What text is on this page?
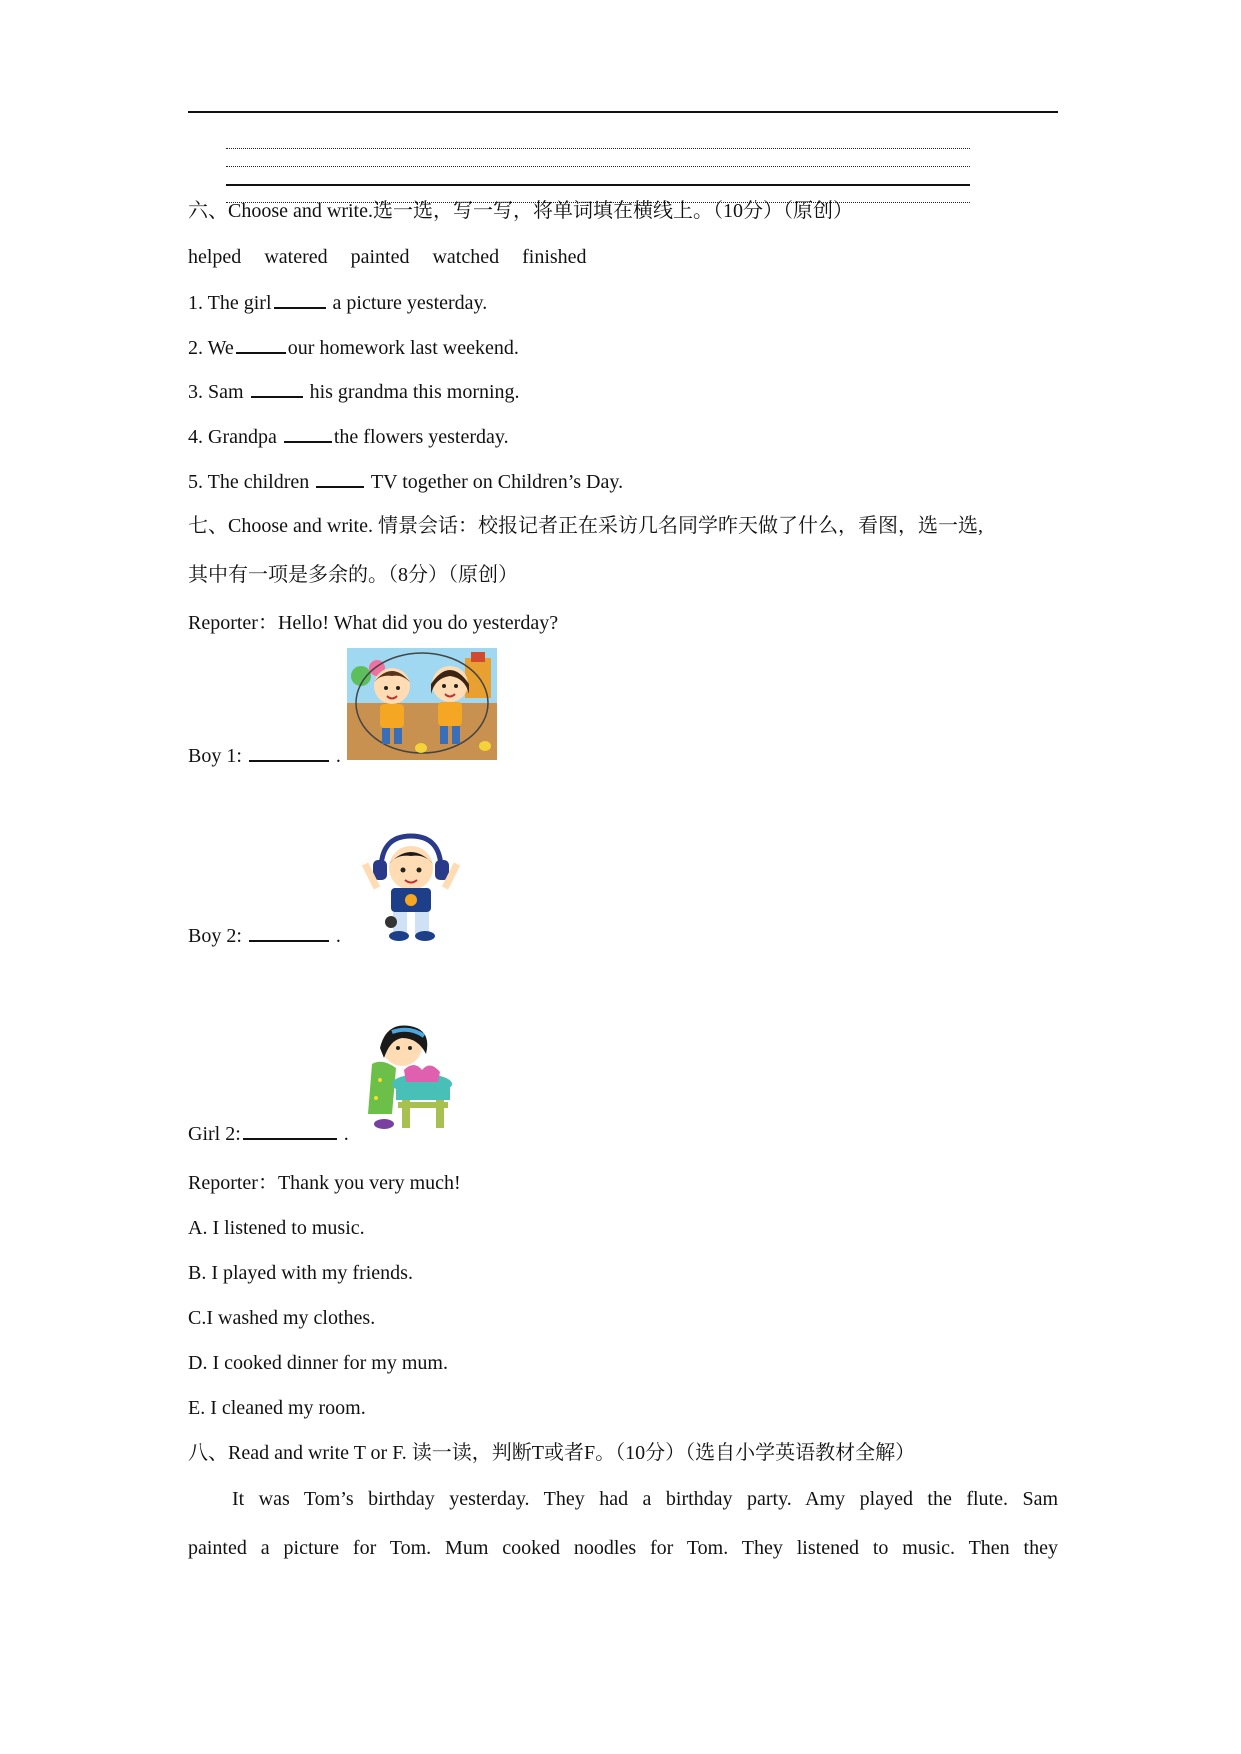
六、Choose and write.选一选，写一写，将单词填在横线上。（10分）（原创）
helped watered painted watched finished
1. The girl	a picture yesterday.
2. We	our homework last weekend.
3. Sam	his grandma this morning.
4. Grandpa	the flowers yesterday.
5. The children	TV together on Children’s Day.
七、Choose and write. 情景会话：校报记者正在采访几名同学昨天做了什么，看图，选一选,
其中有一项是多余的。（8分）（原创）
Reporter：Hello! What did you do yesterday?
Boy 1:	.
Boy 2:	.
Girl 2:	.
Reporter：Thank you very much!
A. I listened to music.
B. I played with my friends.
C.I washed my clothes.
D. I cooked dinner for my mum.
E. I cleaned my room.
八、Read and write T or F. 读一读，判断T或者F。（10分）（选自小学英语教材全解）
It was Tom’s birthday yesterday. They had a birthday party. Amy played the flute. Sam
painted a picture for Tom. Mum cooked noodles for Tom. They listened to music. Then they
